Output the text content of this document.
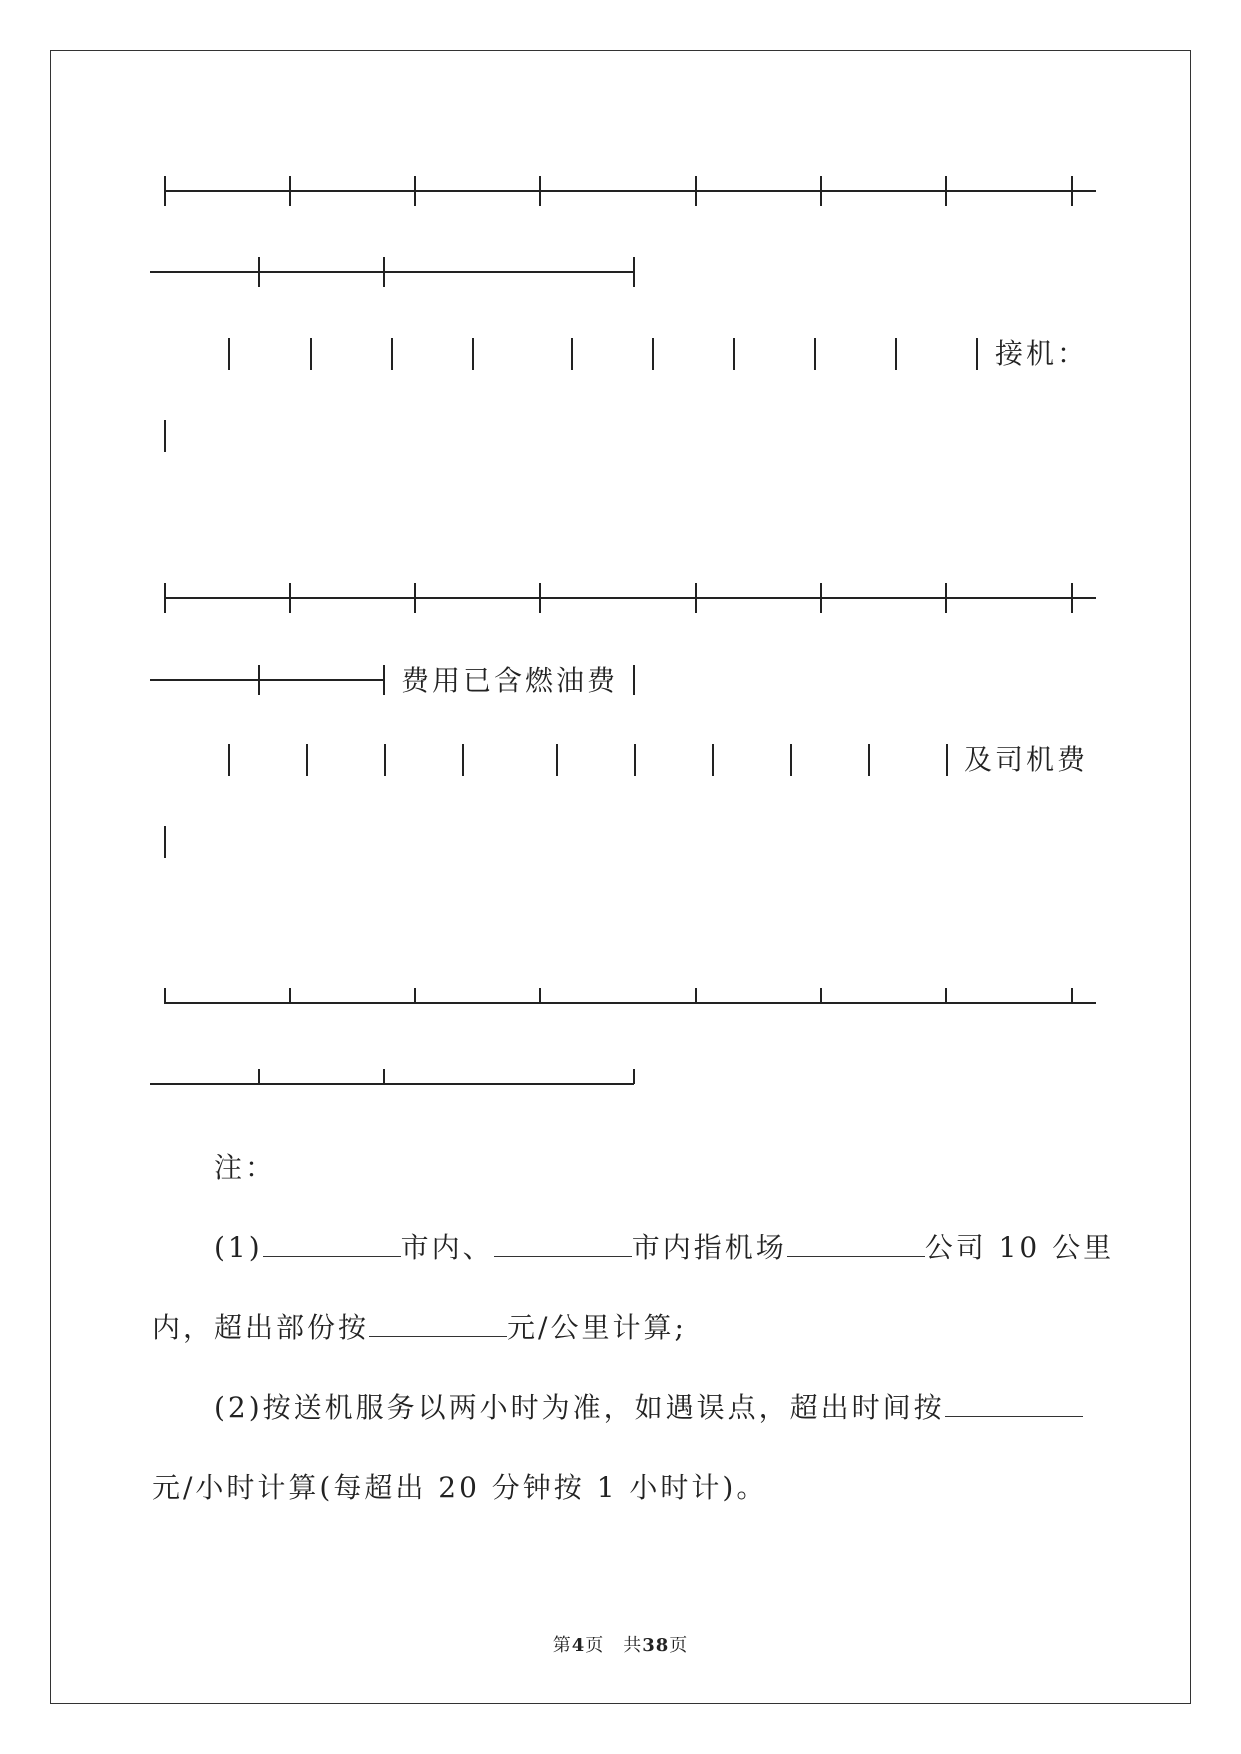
接机：
费用已含燃油费
及司机费
注：
(1)	市内、	市内指机场	公司 10 公里
内，超出部份按	元/公里计算;
(2)按送机服务以两小时为准，如遇误点，超出时间按
元/小时计算(每超出 20 分钟按 1 小时计)。
第4页　共38页
